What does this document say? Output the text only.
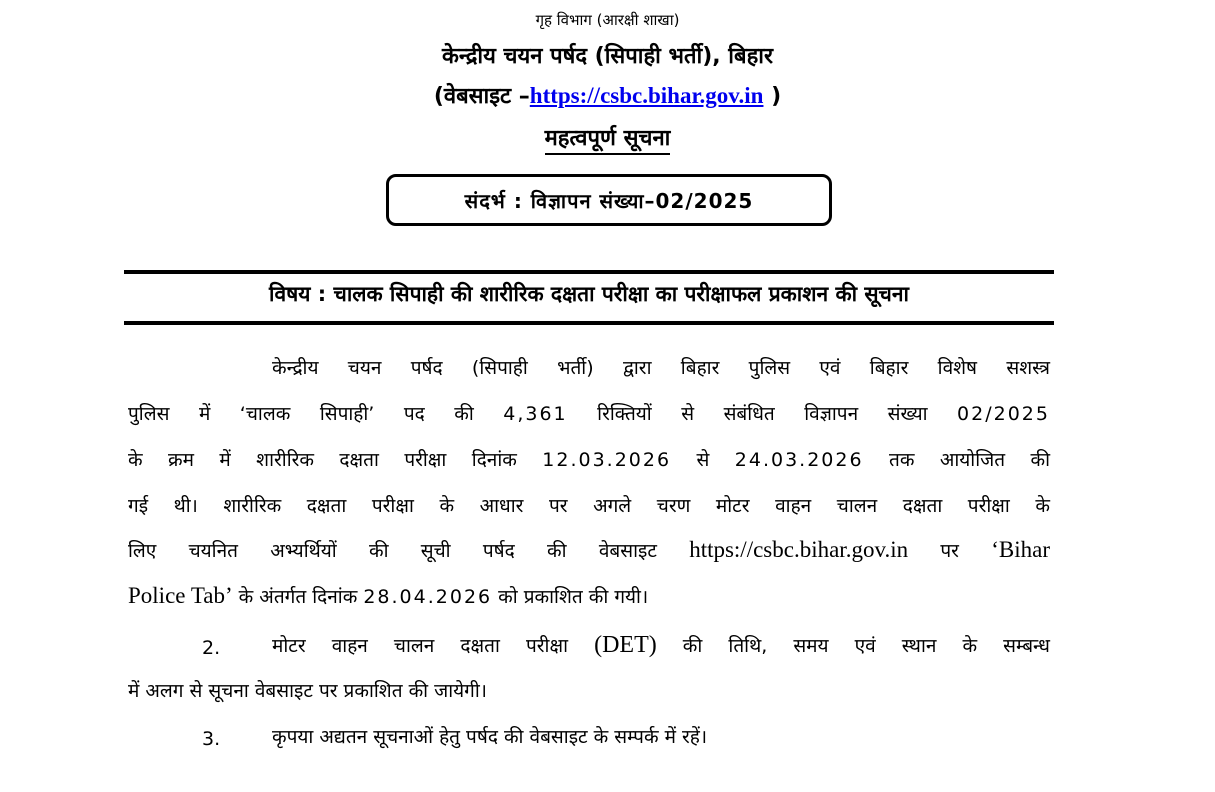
गृह विभाग (आरक्षी शाखा)
केन्द्रीय चयन पर्षद (सिपाही भर्ती), बिहार
(वेबसाइट –https://csbc.bihar.gov.in )
महत्वपूर्ण सूचना
संदर्भ : विज्ञापन संख्या–02/2025
विषय : चालक सिपाही की शारीरिक दक्षता परीक्षा का परीक्षाफल प्रकाशन की सूचना
केन्द्रीय चयन पर्षद (सिपाही भर्ती) द्वारा बिहार पुलिस एवं बिहार विशेष सशस्त्र
पुलिस में ‘चालक सिपाही’ पद की 4,361 रिक्तियों से संबंधित विज्ञापन संख्या 02/2025
के क्रम में शारीरिक दक्षता परीक्षा दिनांक 12.03.2026 से 24.03.2026 तक आयोजित की
गई थी। शारीरिक दक्षता परीक्षा के आधार पर अगले चरण मोटर वाहन चालन दक्षता परीक्षा के
लिए चयनित अभ्यर्थियों की सूची पर्षद की वेबसाइट https://csbc.bihar.gov.in पर ‘Bihar
Police Tab’ के अंतर्गत दिनांक 28.04.2026 को प्रकाशित की गयी।
2.	मोटर वाहन चालन दक्षता परीक्षा (DET) की तिथि, समय एवं स्थान के सम्बन्ध
में अलग से सूचना वेबसाइट पर प्रकाशित की जायेगी।
3.	कृपया अद्यतन सूचनाओं हेतु पर्षद की वेबसाइट के सम्पर्क में रहें।
